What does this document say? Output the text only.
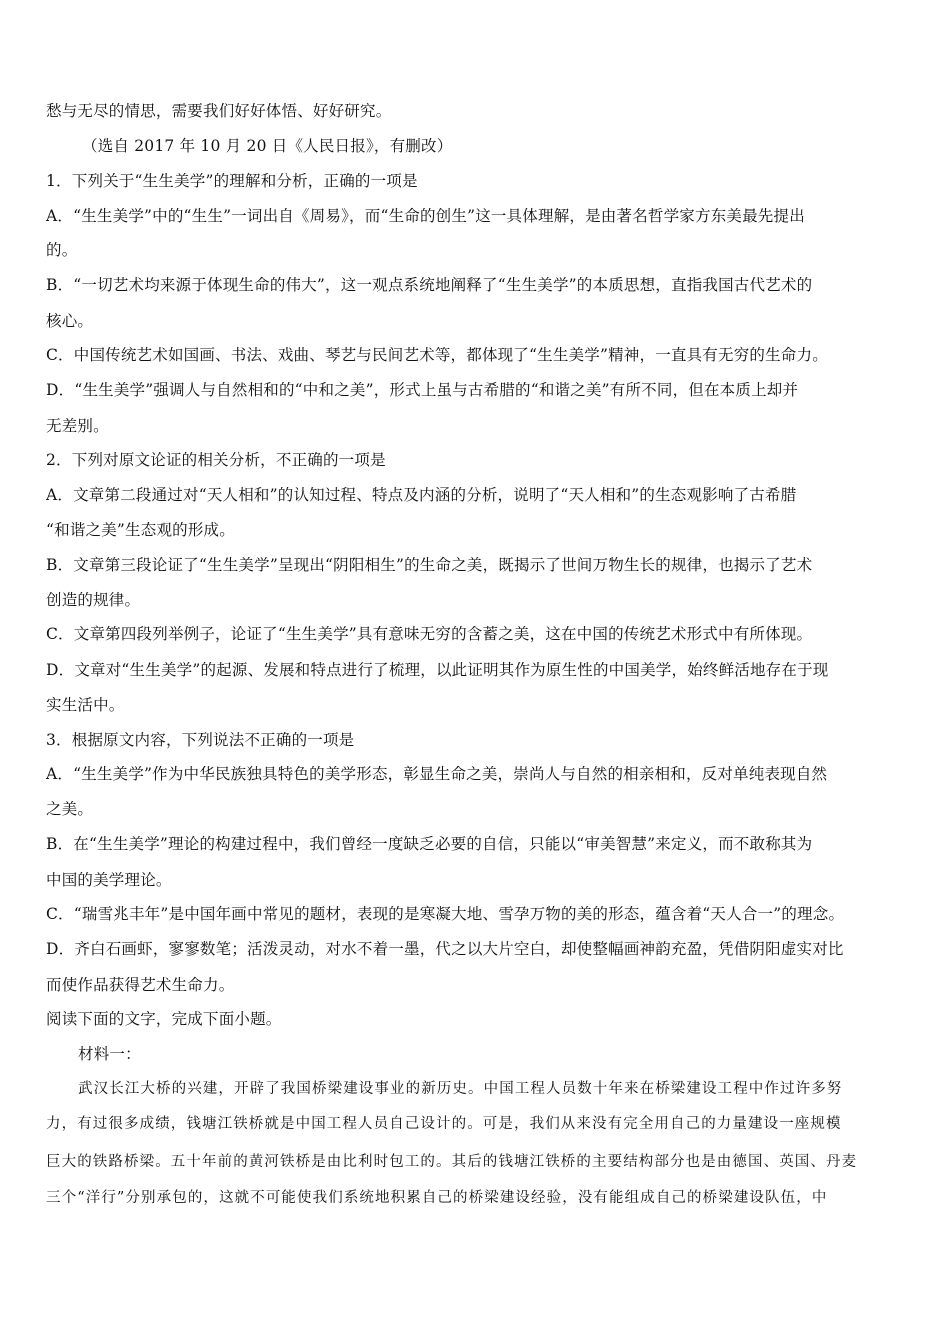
愁与无尽的情思，需要我们好好体悟、好好研究。
（选自 2017 年 10 月 20 日《人民日报》，有删改）
1．下列关于“生生美学”的理解和分析，正确的一项是
A．“生生美学”中的“生生”一词出自《周易》，而“生命的创生”这一具体理解，是由著名哲学家方东美最先提出
的。
B．“一切艺术均来源于体现生命的伟大”，这一观点系统地阐释了“生生美学”的本质思想，直指我国古代艺术的
核心。
C．中国传统艺术如国画、书法、戏曲、琴艺与民间艺术等，都体现了“生生美学”精神，一直具有无穷的生命力。
D．“生生美学”强调人与自然相和的“中和之美”，形式上虽与古希腊的“和谐之美”有所不同，但在本质上却并
无差别。
2．下列对原文论证的相关分析，不正确的一项是
A．文章第二段通过对“天人相和”的认知过程、特点及内涵的分析，说明了“天人相和”的生态观影响了古希腊
“和谐之美”生态观的形成。
B．文章第三段论证了“生生美学”呈现出“阴阳相生”的生命之美，既揭示了世间万物生长的规律，也揭示了艺术
创造的规律。
C．文章第四段列举例子，论证了“生生美学”具有意味无穷的含蓄之美，这在中国的传统艺术形式中有所体现。
D．文章对“生生美学”的起源、发展和特点进行了梳理，以此证明其作为原生性的中国美学，始终鲜活地存在于现
实生活中。
3．根据原文内容，下列说法不正确的一项是
A．“生生美学”作为中华民族独具特色的美学形态，彰显生命之美，崇尚人与自然的相亲相和，反对单纯表现自然
之美。
B．在“生生美学”理论的构建过程中，我们曾经一度缺乏必要的自信，只能以“审美智慧”来定义，而不敢称其为
中国的美学理论。
C．“瑞雪兆丰年”是中国年画中常见的题材，表现的是寒凝大地、雪孕万物的美的形态，蕴含着“天人合一”的理念。
D．齐白石画虾，寥寥数笔；活泼灵动，对水不着一墨，代之以大片空白，却使整幅画神韵充盈，凭借阴阳虚实对比
而使作品获得艺术生命力。
阅读下面的文字，完成下面小题。
材料一：
武汉长江大桥的兴建，开辟了我国桥梁建设事业的新历史。中国工程人员数十年来在桥梁建设工程中作过许多努
力，有过很多成绩，钱塘江铁桥就是中国工程人员自己设计的。可是，我们从来没有完全用自己的力量建设一座规模
巨大的铁路桥梁。五十年前的黄河铁桥是由比利时包工的。其后的钱塘江铁桥的主要结构部分也是由德国、英国、丹麦
三个“洋行”分别承包的，这就不可能使我们系统地积累自己的桥梁建设经验，没有能组成自己的桥梁建设队伍，中
